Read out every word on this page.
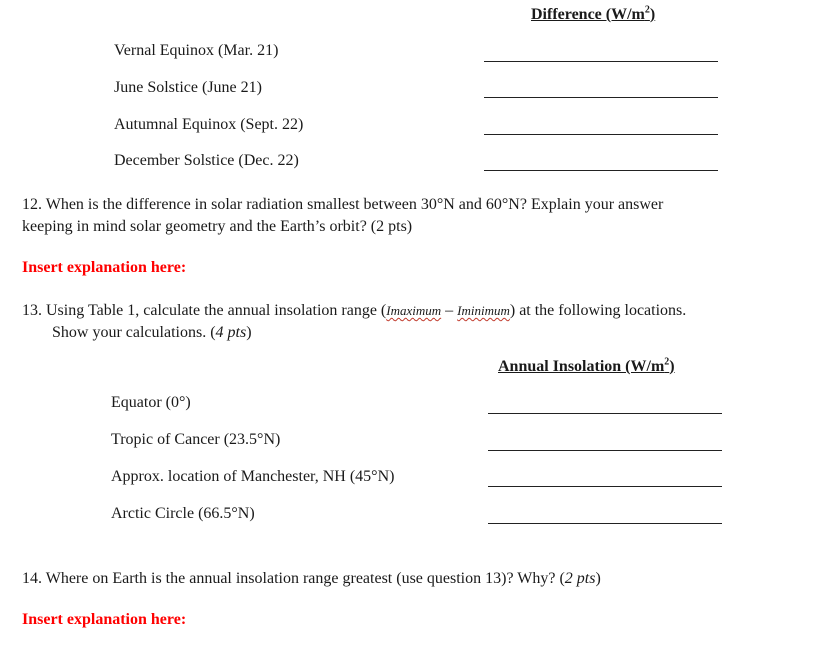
Difference $(W/m^2)$
Vernal Equinox (Mar. 21)
June Solstice (June 21)
Autumnal Equinox (Sept. 22)
December Solstice (Dec. 22)
12. When is the difference in solar radiation smallest between 30°N and 60°N? Explain your answer
keeping in mind solar geometry and the Earth’s orbit? (2 pts)
Insert explanation here:
13. Using Table 1, calculate the annual insolation range (Imaximum – Iminimum) at the following locations.
Show your calculations. (4 pts)
Annual Insolation $(W/m^2)$
Equator (0°)
Tropic of Cancer (23.5°N)
Approx. location of Manchester, NH (45°N)
Arctic Circle (66.5°N)
14. Where on Earth is the annual insolation range greatest (use question 13)? Why? (2 pts)
Insert explanation here:
